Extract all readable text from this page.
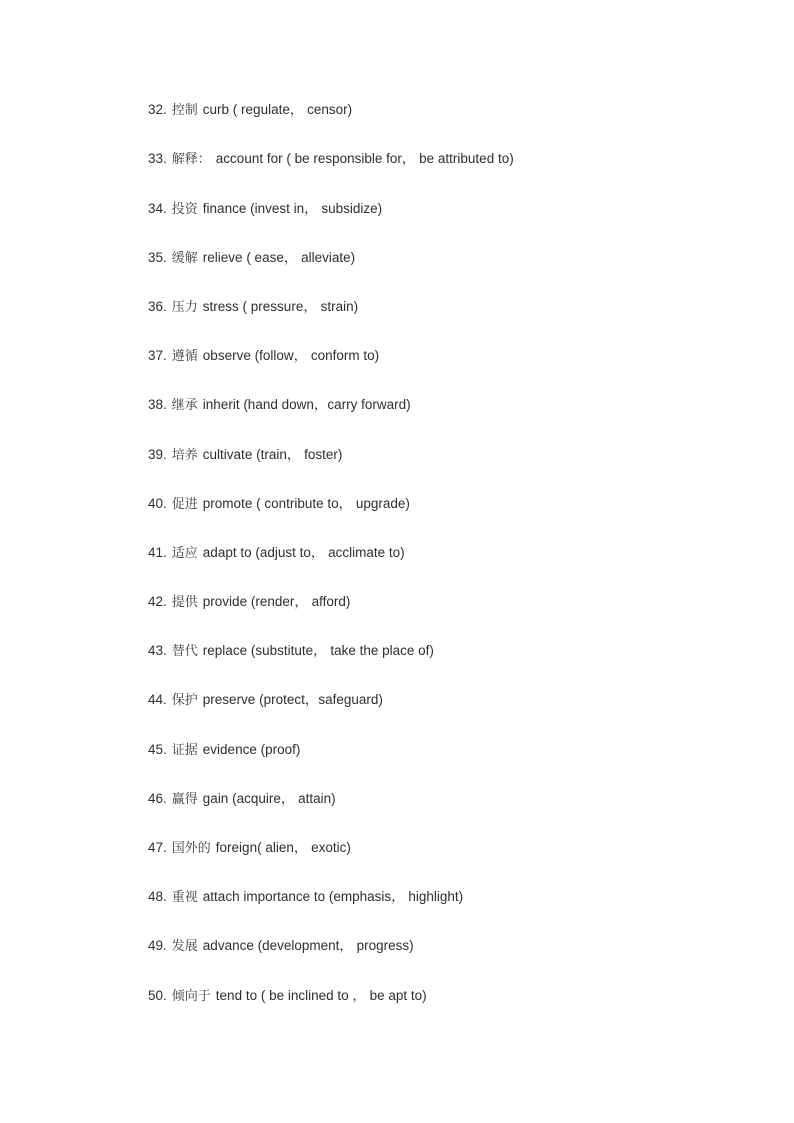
32. 控制 curb ( regulate， censor)
33. 解释： account for ( be responsible for， be attributed to)
34. 投资 finance (invest in， subsidize)
35. 缓解 relieve ( ease， alleviate)
36. 压力 stress ( pressure， strain)
37. 遵循 observe (follow， conform to)
38. 继承 inherit (hand down，carry forward)
39. 培养 cultivate (train， foster)
40. 促进 promote ( contribute to， upgrade)
41. 适应 adapt to (adjust to， acclimate to)
42. 提供 provide (render， afford)
43. 替代 replace (substitute， take the place of)
44. 保护 preserve (protect，safeguard)
45. 证据 evidence (proof)
46. 赢得 gain (acquire， attain)
47. 国外的 foreign( alien， exotic)
48. 重视 attach importance to (emphasis， highlight)
49. 发展 advance (development， progress)
50. 倾向于 tend to ( be inclined to ， be apt to)
